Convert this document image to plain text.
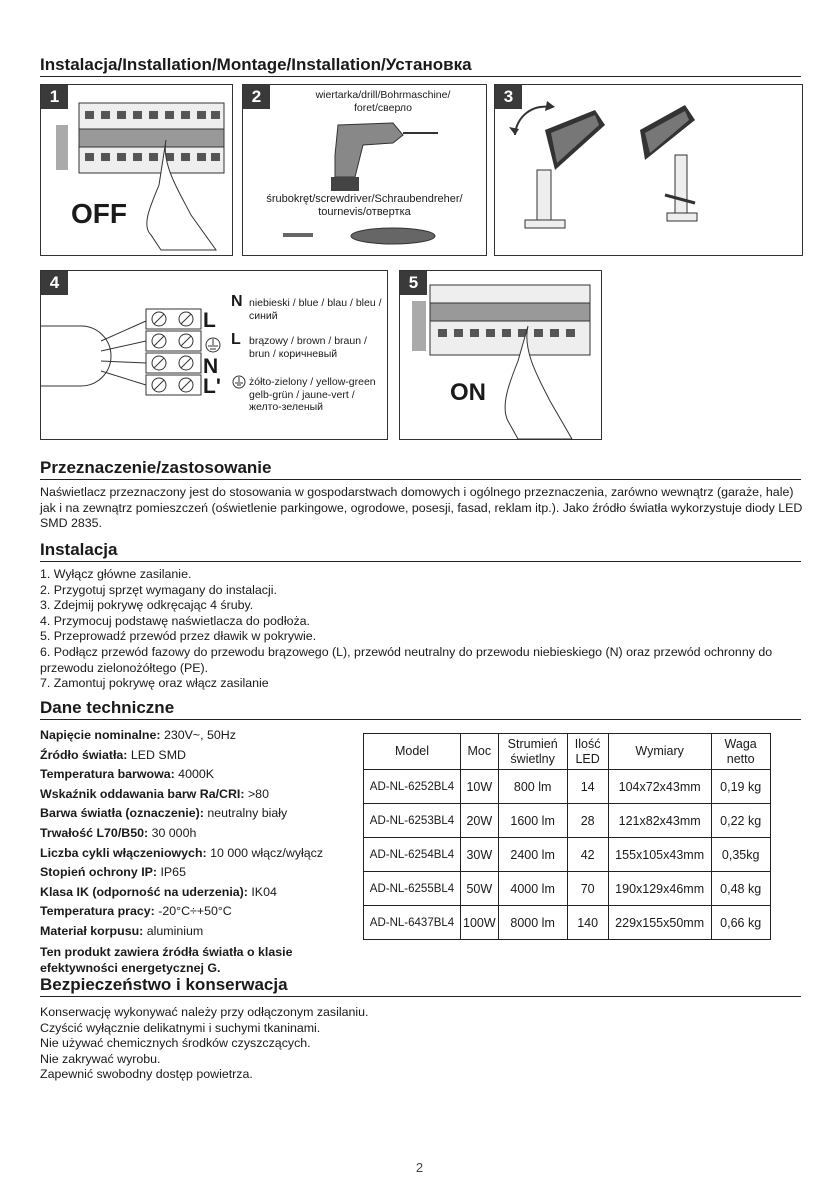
Instalacja/Installation/Montage/Installation/Установка
1
OFF
2	wiertarka/drill/Bohrmaschine/ foret/сверло
śrubokręt/screwdriver/Schraubendreher/ tournevis/отвертка
3
4
L
N
L'
N niebieski / blue / blau / bleu / синий
L brązowy / brown / braun / brun / коричневый
żółto-zielony / yellow-green gelb-grün / jaune-vert / желто-зеленый
5
ON
Przeznaczenie/zastosowanie
Naświetlacz przeznaczony jest do stosowania w gospodarstwach domowych i ogólnego przeznaczenia, zarówno wewnątrz (garaże, hale) jak i na zewnątrz pomieszczeń (oświetlenie parkingowe, ogrodowe, posesji, fasad, reklam itp.). Jako źródło światła wykorzystuje diody LED SMD 2835.
Instalacja
1. Wyłącz główne zasilanie.
2. Przygotuj sprzęt wymagany do instalacji.
3. Zdejmij pokrywę odkręcając 4 śruby.
4. Przymocuj podstawę naświetlacza do podłoża.
5. Przeprowadź przewód przez dławik w pokrywie.
6. Podłącz przewód fazowy do przewodu brązowego (L), przewód neutralny do przewodu niebieskiego (N) oraz przewód ochronny do przewodu zielonożółtego (PE).
7. Zamontuj pokrywę oraz włącz zasilanie
Dane techniczne
Napięcie nominalne: 230V~, 50Hz
Źródło światła: LED SMD
Temperatura barwowa: 4000K
Wskaźnik oddawania barw Ra/CRI: >80
Barwa światła (oznaczenie): neutralny biały
Trwałość L70/B50: 30 000h
Liczba cykli włączeniowych: 10 000 włącz/wyłącz
Stopień ochrony IP: IP65
Klasa IK (odporność na uderzenia): IK04
Temperatura pracy: -20°C÷+50°C
Materiał korpusu: aluminium
Ten produkt zawiera źródła światła o klasie efektywności energetycznej G.
Model	Moc	Strumień świetlny	Ilość LED	Wymiary	Waga netto
AD-NL-6252BL4	10W	800 lm	14	104x72x43mm	0,19 kg
AD-NL-6253BL4	20W	1600 lm	28	121x82x43mm	0,22 kg
AD-NL-6254BL4	30W	2400 lm	42	155x105x43mm	0,35kg
AD-NL-6255BL4	50W	4000 lm	70	190x129x46mm	0,48 kg
AD-NL-6437BL4	100W	8000 lm	140	229x155x50mm	0,66 kg
Bezpieczeństwo i konserwacja
Konserwację wykonywać należy przy odłączonym zasilaniu.
Czyścić wyłącznie delikatnymi i suchymi tkaninami.
Nie używać chemicznych środków czyszczących.
Nie zakrywać wyrobu.
Zapewnić swobodny dostęp powietrza.
2
